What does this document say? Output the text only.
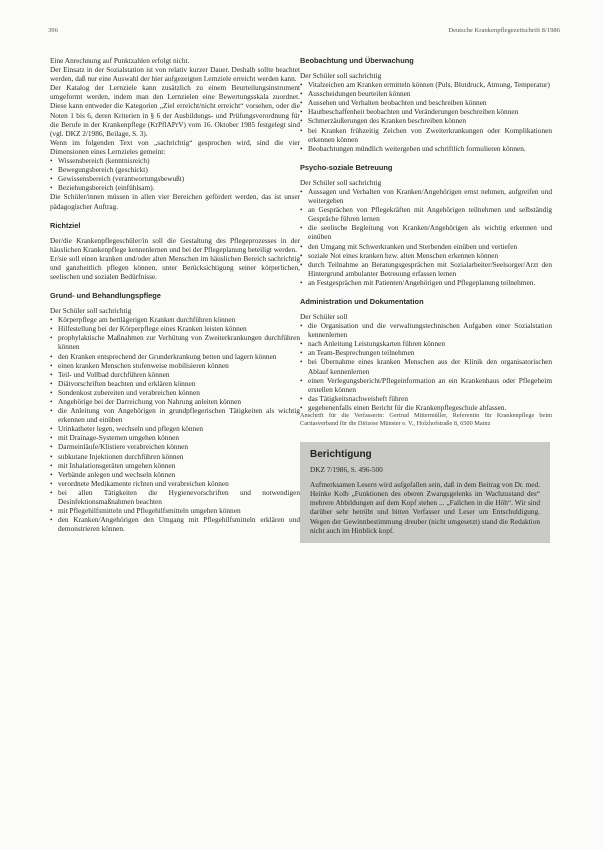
396	Deutsche Krankenpflegezeitschrift 8/1986

Eine Anrechnung auf Punktzahlen erfolgt nicht.

Der Einsatz in der Sozialstation ist von relativ kurzer Dauer. Deshalb sollte beachtet werden, daß nur eine Auswahl der hier aufgezeigten Lernziele erreicht werden kann.

Der Katalog der Lernziele kann zusätzlich zu einem Beurteilungsinstrument umgeformt werden, indem man den Lernzielen eine Bewertungsskala zuordnet. Diese kann entweder die Kategorien „Ziel erreicht/nicht erreicht“ vorsehen, oder die Noten 1 bis 6, deren Kriterien in § 6 der Ausbildungs- und Prüfungsverordnung für die Berufe in der Krankenpflege (KrPflAPrV) vom 16. Oktober 1985 festgelegt sind (vgl. DKZ 2/1986, Beilage, S. 3).

Wenn im folgenden Text von „sachrichtig“ gesprochen wird, sind die vier Dimensionen eines Lernzieles gemeint:

• Wissensbereich (kenntnisreich)
• Bewegungsbereich (geschickt)
• Gewissensbereich (verantwortungsbewußt)
• Beziehungsbereich (einfühlsam).

Die Schüler/innen müssen in allen vier Bereichen gefördert werden, das ist unser pädagogischer Auftrag.

Richtziel

Der/die Krankenpflegeschüler/in soll die Gestaltung des Pflegeprozesses in der häuslichen Krankenpflege kennenlernen und bei der Pflegeplanung beteiligt werden.

Er/sie soll einen kranken und/oder alten Menschen im häuslichen Bereich sachrichtig und ganzheitlich pflegen können, unter Berücksichtigung seiner körperlichen, seelischen und sozialen Bedürfnisse.

Grund- und Behandlungspflege

Der Schüler soll sachrichtig

• Körperpflege am bettlägerigen Kranken durchführen können
• Hilfestellung bei der Körperpflege eines Kranken leisten können
• prophylaktische Maßnahmen zur Verhütung von Zweiterkrankungen durchführen können
• den Kranken entsprechend der Grunderkrankung betten und lagern können
• einen kranken Menschen stufenweise mobilisieren können
• Teil- und Vollbad durchführen können
• Diätvorschriften beachten und erklären können
• Sondenkost zubereiten und verabreichen können
• Angehörige bei der Darreichung von Nahrung anleiten können
• die Anleitung von Angehörigen in grundpflegerischen Tätigkeiten als wichtig erkennen und einüben
• Urinkatheter legen, wechseln und pflegen können
• mit Drainage-Systemen umgehen können
• Darmeinläufe/Klistiere verabreichen können
• subkutane Injektionen durchführen können
• mit Inhalationsgeräten umgehen können
• Verbände anlegen und wechseln können
• verordnete Medikamente richten und verabreichen können
• bei allen Tätigkeiten die Hygienevorschriften und notwendigen Desinfektionsmaßnahmen beachten
• mit Pflegehilfsmitteln und Pflegehilfsmitteln umgehen können
• den Kranken/Angehörigen den Umgang mit Pflegehilfsmitteln erklären und demonstrieren können.
Beobachtung und Überwachung

Der Schüler soll sachrichtig

• Vitalzeichen am Kranken ermitteln können (Puls, Blutdruck, Atmung, Temperatur)
• Ausscheidungen beurteilen können
• Aussehen und Verhalten beobachten und beschreiben können
• Hautbeschaffenheit beobachten und Veränderungen beschreiben können
• Schmerzäußerungen des Kranken beschreiben können
• bei Kranken frühzeitig Zeichen von Zweiterkrankungen oder Komplikationen erkennen können
• Beobachtungen mündlich weitergeben und schriftlich formulieren können.
Psycho-soziale Betreuung

Der Schüler soll sachrichtig

• Aussagen und Verhalten von Kranken/Angehörigen ernst nehmen, aufgreifen und weitergeben
• an Gesprächen von Pflegekräften mit Angehörigen teilnehmen und selbständig Gespräche führen lernen
• die seelische Begleitung von Kranken/Angehörigen als wichtig erkennen und einüben
• den Umgang mit Schwerkranken und Sterbenden einüben und vertiefen
• soziale Not eines kranken bzw. alten Menschen erkennen können
• durch Teilnahme an Beratungsgesprächen mit Sozialarbeiter/Seelsorger/Arzt den Hintergrund ambulanter Betreuung erfassen lernen
• an Festgesprächen mit Patienten/Angehörigen und Pflegeplanung teilnehmen.
Administration und Dokumentation

Der Schüler soll

• die Organisation und die verwaltungstechnischen Aufgaben einer Sozialstation kennenlernen
• nach Anleitung Leistungskarten führen können
• an Team-Besprechungen teilnehmen
• bei Übernahme eines kranken Menschen aus der Klinik den organisatorischen Ablauf kennenlernen
• einen Verlegungsbericht/Pflegeinformation an ein Krankenhaus oder Pflegeheim erstellen können
• das Tätigkeitsnachweisheft führen
• gegebenenfalls einen Bericht für die Krankenpflegeschule abfassen.

Anschrift für die Verfasserin: Gertrud Mittermüller, Referentin für Krankenpflege beim Caritasverband für die Diözese Münster e. V., Holzhofstraße 8, 6500 Mainz

Berichtigung

DKZ 7/1986, S. 496-500

Aufmerksamen Lesern wird aufgefallen sein, daß in dem Beitrag von Dr. med. Heinke Kolb „Funktionen des oberen Zwangsgelenks im Wachzustand des“ mehrere Abbildungen auf dem Kopf stehen ... „Fallchen in die Höh“. Wir sind darüber sehr betrübt und bitten Verfasser und Leser um Entschuldigung. Wegen der Gewinnbestimmung dreuber (nicht umgesetzt) stand die Redaktion nicht auch im Hinblick kopf.
